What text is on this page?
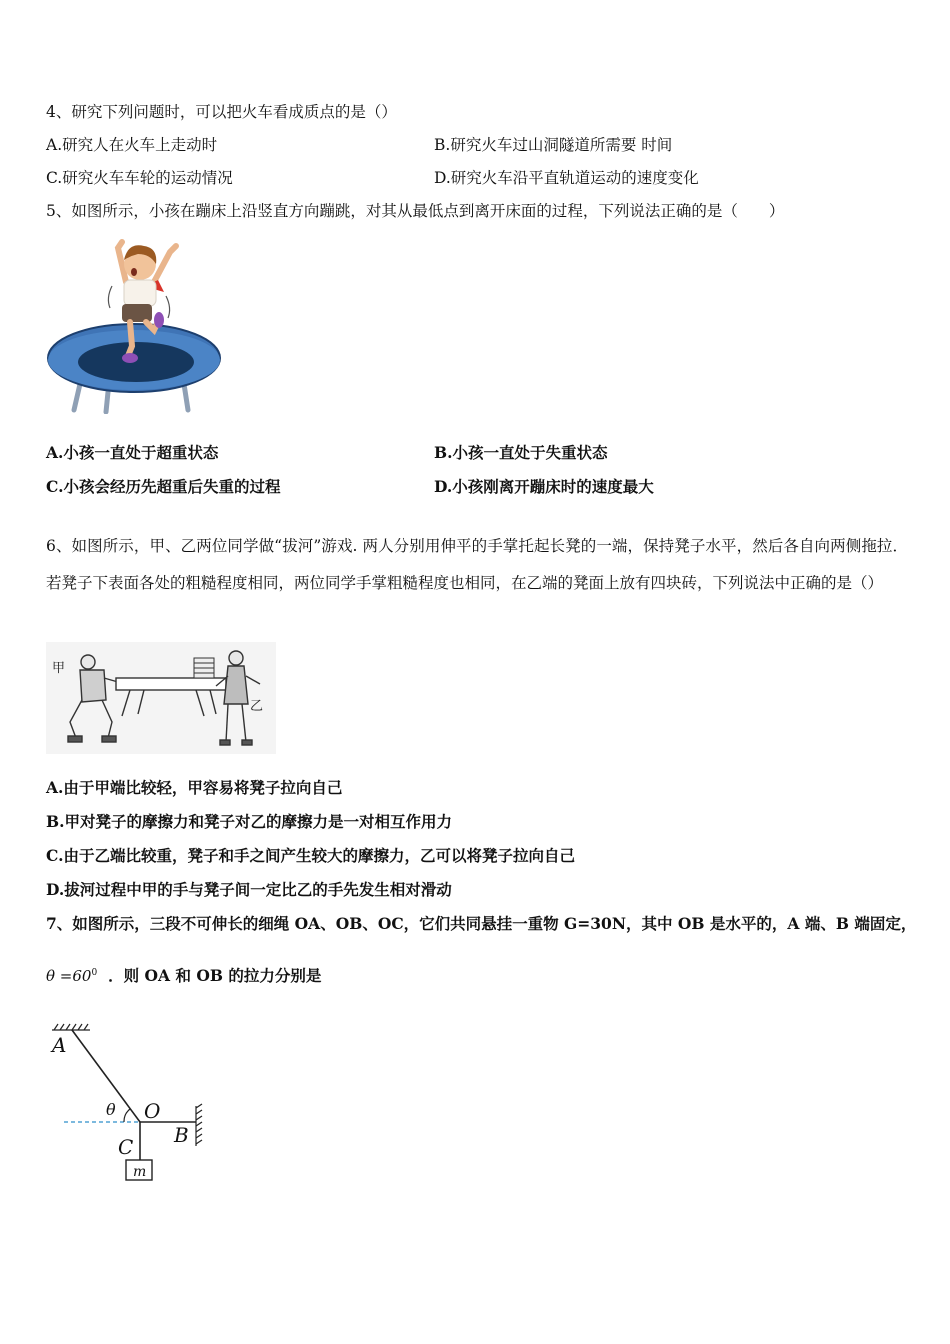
4、研究下列问题时，可以把火车看成质点的是（）
A.研究人在火车上走动时	B.研究火车过山洞隧道所需要 时间
C.研究火车车轮的运动情况	D.研究火车沿平直轨道运动的速度变化
5、如图所示，小孩在蹦床上沿竖直方向蹦跳，对其从最低点到离开床面的过程，下列说法正确的是（　　）
A.小孩一直处于超重状态	B.小孩一直处于失重状态
C.小孩会经历先超重后失重的过程	D.小孩刚离开蹦床时的速度最大
6、如图所示，甲、乙两位同学做“拔河”游戏. 两人分别用伸平的手掌托起长凳的一端，保持凳子水平，然后各自向两侧拖拉．若凳子下表面各处的粗糙程度相同，两位同学手掌粗糙程度也相同，在乙端的凳面上放有四块砖，下列说法中正确的是（）
甲
乙
A.由于甲端比较轻，甲容易将凳子拉向自己
B.甲对凳子的摩擦力和凳子对乙的摩擦力是一对相互作用力
C.由于乙端比较重，凳子和手之间产生较大的摩擦力，乙可以将凳子拉向自己
D.拔河过程中甲的手与凳子间一定比乙的手先发生相对滑动
7、如图所示，三段不可伸长的细绳 OA、OB、OC，它们共同悬挂一重物 G=30N，其中 OB 是水平的，A 端、B 端固定，
$\theta =60^0$ ．则 OA 和 OB 的拉力分别是
A
O
B
C
θ
m
